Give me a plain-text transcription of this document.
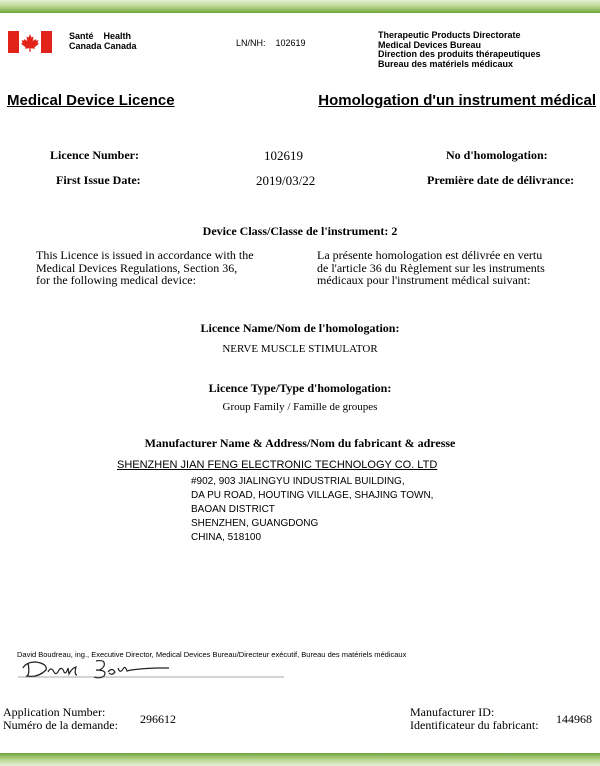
Santé Health
Canada Canada	LN/NH: 102619
Therapeutic Products Directorate
Medical Devices Bureau
Direction des produits thérapeutiques
Bureau des matériels médicaux
Medical Device Licence	Homologation d'un instrument médical
Licence Number:	102619	No d'homologation:
First Issue Date:	2019/03/22	Première date de délivrance:
Device Class/Classe de l'instrument: 2
This Licence is issued in accordance with the
Medical Devices Regulations, Section 36,
for the following medical device:
La présente homologation est délivrée en vertu
de l'article 36 du Règlement sur les instruments
médicaux pour l'instrument médical suivant:
Licence Name/Nom de l'homologation:
NERVE MUSCLE STIMULATOR
Licence Type/Type d'homologation:
Group Family / Famille de groupes
Manufacturer Name & Address/Nom du fabricant & adresse
SHENZHEN JIAN FENG ELECTRONIC TECHNOLOGY CO. LTD
#902, 903 JIALINGYU INDUSTRIAL BUILDING,
DA PU ROAD, HOUTING VILLAGE, SHAJING TOWN,
BAOAN DISTRICT
SHENZHEN, GUANGDONG
CHINA, 518100
David Boudreau, ing., Executive Director, Medical Devices Bureau/Directeur exécutif, Bureau des matériels médicaux
Application Number:
Numéro de la demande: 296612	Manufacturer ID:
Identificateur du fabricant: 144968
